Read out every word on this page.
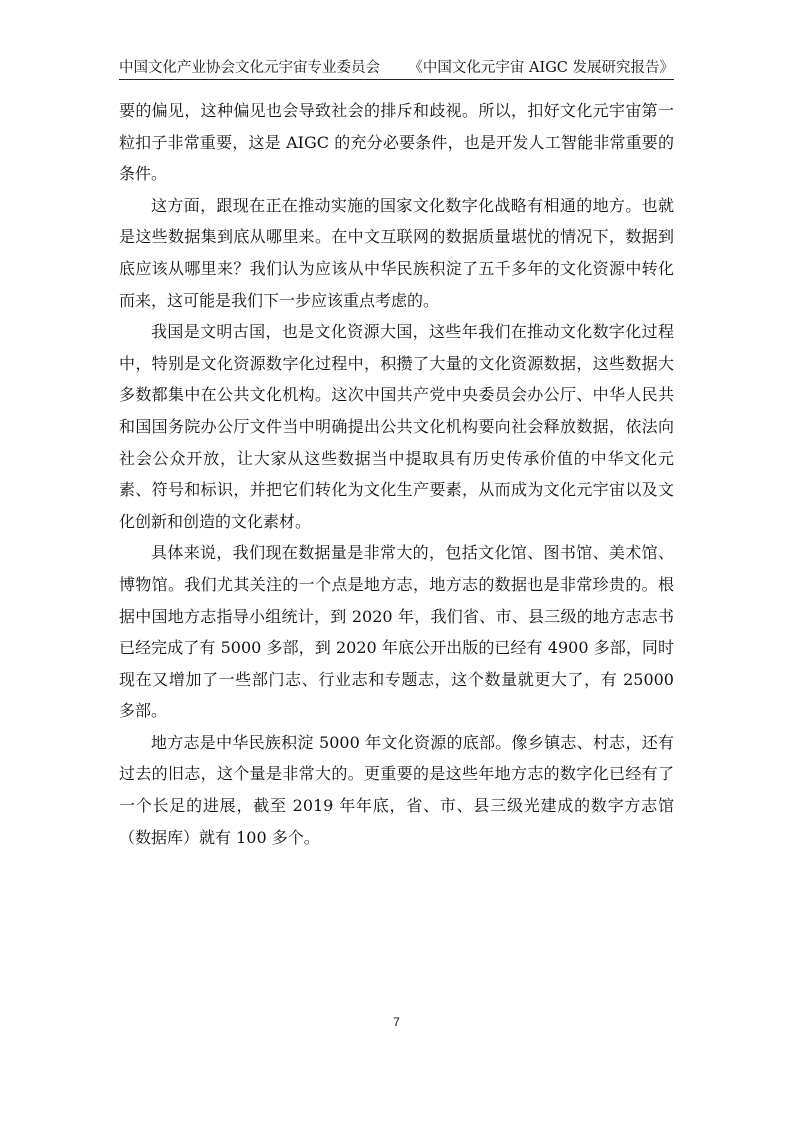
中国文化产业协会文化元宇宙专业委员会 《中国文化元宇宙 AIGC 发展研究报告》

要的偏见，这种偏见也会导致社会的排斥和歧视。所以，扣好文化元宇宙第一粒扣子非常重要，这是 AIGC 的充分必要条件，也是开发人工智能非常重要的条件。

这方面，跟现在正在推动实施的国家文化数字化战略有相通的地方。也就是这些数据集到底从哪里来。在中文互联网的数据质量堪忧的情况下，数据到底应该从哪里来？我们认为应该从中华民族积淀了五千多年的文化资源中转化而来，这可能是我们下一步应该重点考虑的。

我国是文明古国，也是文化资源大国，这些年我们在推动文化数字化过程中，特别是文化资源数字化过程中，积攒了大量的文化资源数据，这些数据大多数都集中在公共文化机构。这次中国共产党中央委员会办公厅、中华人民共和国国务院办公厅文件当中明确提出公共文化机构要向社会释放数据，依法向社会公众开放，让大家从这些数据当中提取具有历史传承价值的中华文化元素、符号和标识，并把它们转化为文化生产要素，从而成为文化元宇宙以及文化创新和创造的文化素材。

具体来说，我们现在数据量是非常大的，包括文化馆、图书馆、美术馆、博物馆。我们尤其关注的一个点是地方志，地方志的数据也是非常珍贵的。根据中国地方志指导小组统计，到 2020 年，我们省、市、县三级的地方志志书已经完成了有 5000 多部，到 2020 年底公开出版的已经有 4900 多部，同时现在又增加了一些部门志、行业志和专题志，这个数量就更大了，有 25000 多部。

地方志是中华民族积淀 5000 年文化资源的底部。像乡镇志、村志，还有过去的旧志，这个量是非常大的。更重要的是这些年地方志的数字化已经有了一个长足的进展，截至 2019 年年底，省、市、县三级光建成的数字方志馆（数据库）就有 100 多个。

7
